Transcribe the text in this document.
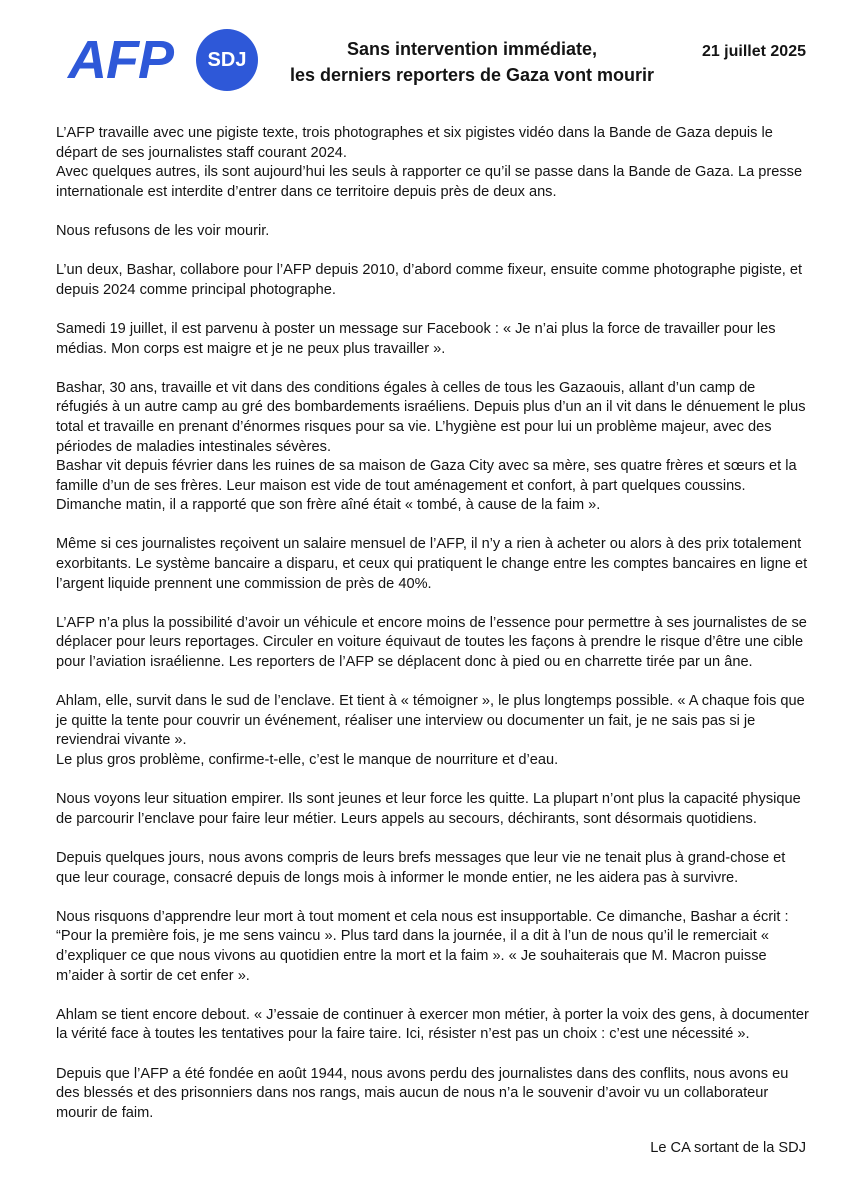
AFP SDJ	Sans intervention immédiate,
les derniers reporters de Gaza vont mourir
21 juillet 2025

L’AFP travaille avec une pigiste texte, trois photographes et six pigistes vidéo dans la Bande de Gaza depuis le départ de ses journalistes staff courant 2024.
Avec quelques autres, ils sont aujourd’hui les seuls à rapporter ce qu’il se passe dans la Bande de Gaza. La presse internationale est interdite d’entrer dans ce territoire depuis près de deux ans.

Nous refusons de les voir mourir.

L’un deux, Bashar, collabore pour l’AFP depuis 2010, d’abord comme fixeur, ensuite comme photographe pigiste, et depuis 2024 comme principal photographe.

Samedi 19 juillet, il est parvenu à poster un message sur Facebook : « Je n’ai plus la force de travailler pour les médias. Mon corps est maigre et je ne peux plus travailler ».

Bashar, 30 ans, travaille et vit dans des conditions égales à celles de tous les Gazaouis, allant d’un camp de réfugiés à un autre camp au gré des bombardements israéliens. Depuis plus d’un an il vit dans le dénuement le plus total et travaille en prenant d’énormes risques pour sa vie. L’hygiène est pour lui un problème majeur, avec des périodes de maladies intestinales sévères.
Bashar vit depuis février dans les ruines de sa maison de Gaza City avec sa mère, ses quatre frères et sœurs et la famille d’un de ses frères. Leur maison est vide de tout aménagement et confort, à part quelques coussins. Dimanche matin, il a rapporté que son frère aîné était « tombé, à cause de la faim ».

Même si ces journalistes reçoivent un salaire mensuel de l’AFP, il n’y a rien à acheter ou alors à des prix totalement exorbitants. Le système bancaire a disparu, et ceux qui pratiquent le change entre les comptes bancaires en ligne et l’argent liquide prennent une commission de près de 40%.

L’AFP n’a plus la possibilité d’avoir un véhicule et encore moins de l’essence pour permettre à ses journalistes de se déplacer pour leurs reportages. Circuler en voiture équivaut de toutes les façons à prendre le risque d’être une cible pour l’aviation israélienne. Les reporters de l’AFP se déplacent donc à pied ou en charrette tirée par un âne.

Ahlam, elle, survit dans le sud de l’enclave. Et tient à « témoigner », le plus longtemps possible. « A chaque fois que je quitte la tente pour couvrir un événement, réaliser une interview ou documenter un fait, je ne sais pas si je reviendrai vivante ».
Le plus gros problème, confirme-t-elle, c’est le manque de nourriture et d’eau.

Nous voyons leur situation empirer. Ils sont jeunes et leur force les quitte. La plupart n’ont plus la capacité physique de parcourir l’enclave pour faire leur métier. Leurs appels au secours, déchirants, sont désormais quotidiens.

Depuis quelques jours, nous avons compris de leurs brefs messages que leur vie ne tenait plus à grand-chose et que leur courage, consacré depuis de longs mois à informer le monde entier, ne les aidera pas à survivre.

Nous risquons d’apprendre leur mort à tout moment et cela nous est insupportable. Ce dimanche, Bashar a écrit : “Pour la première fois, je me sens vaincu ». Plus tard dans la journée, il a dit à l’un de nous qu’il le remerciait « d’expliquer ce que nous vivons au quotidien entre la mort et la faim ». « Je souhaiterais que M. Macron puisse m’aider à sortir de cet enfer ».

Ahlam se tient encore debout. « J’essaie de continuer à exercer mon métier, à porter la voix des gens, à documenter la vérité face à toutes les tentatives pour la faire taire. Ici, résister n’est pas un choix : c’est une nécessité ».

Depuis que l’AFP a été fondée en août 1944, nous avons perdu des journalistes dans des conflits, nous avons eu des blessés et des prisonniers dans nos rangs, mais aucun de nous n’a le souvenir d’avoir vu un collaborateur mourir de faim.

Le CA sortant de la SDJ
